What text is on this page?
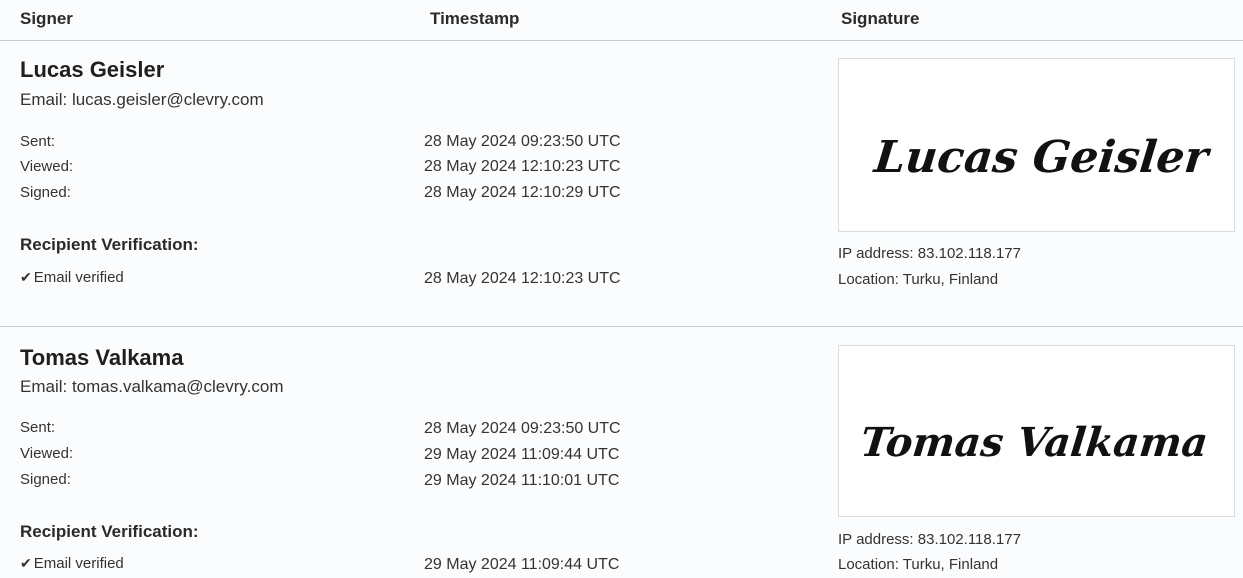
Signer	Timestamp	Signature
Lucas Geisler
Email: lucas.geisler@clevry.com
Sent:	28 May 2024 09:23:50 UTC
Viewed:	28 May 2024 12:10:23 UTC
Signed:	28 May 2024 12:10:29 UTC
Recipient Verification:
✔ Email verified	28 May 2024 12:10:23 UTC
Lucas Geisler
IP address: 83.102.118.177
Location: Turku, Finland
Tomas Valkama
Email: tomas.valkama@clevry.com
Sent:	28 May 2024 09:23:50 UTC
Viewed:	29 May 2024 11:09:44 UTC
Signed:	29 May 2024 11:10:01 UTC
Recipient Verification:
✔ Email verified	29 May 2024 11:09:44 UTC
Tomas Valkama
IP address: 83.102.118.177
Location: Turku, Finland
